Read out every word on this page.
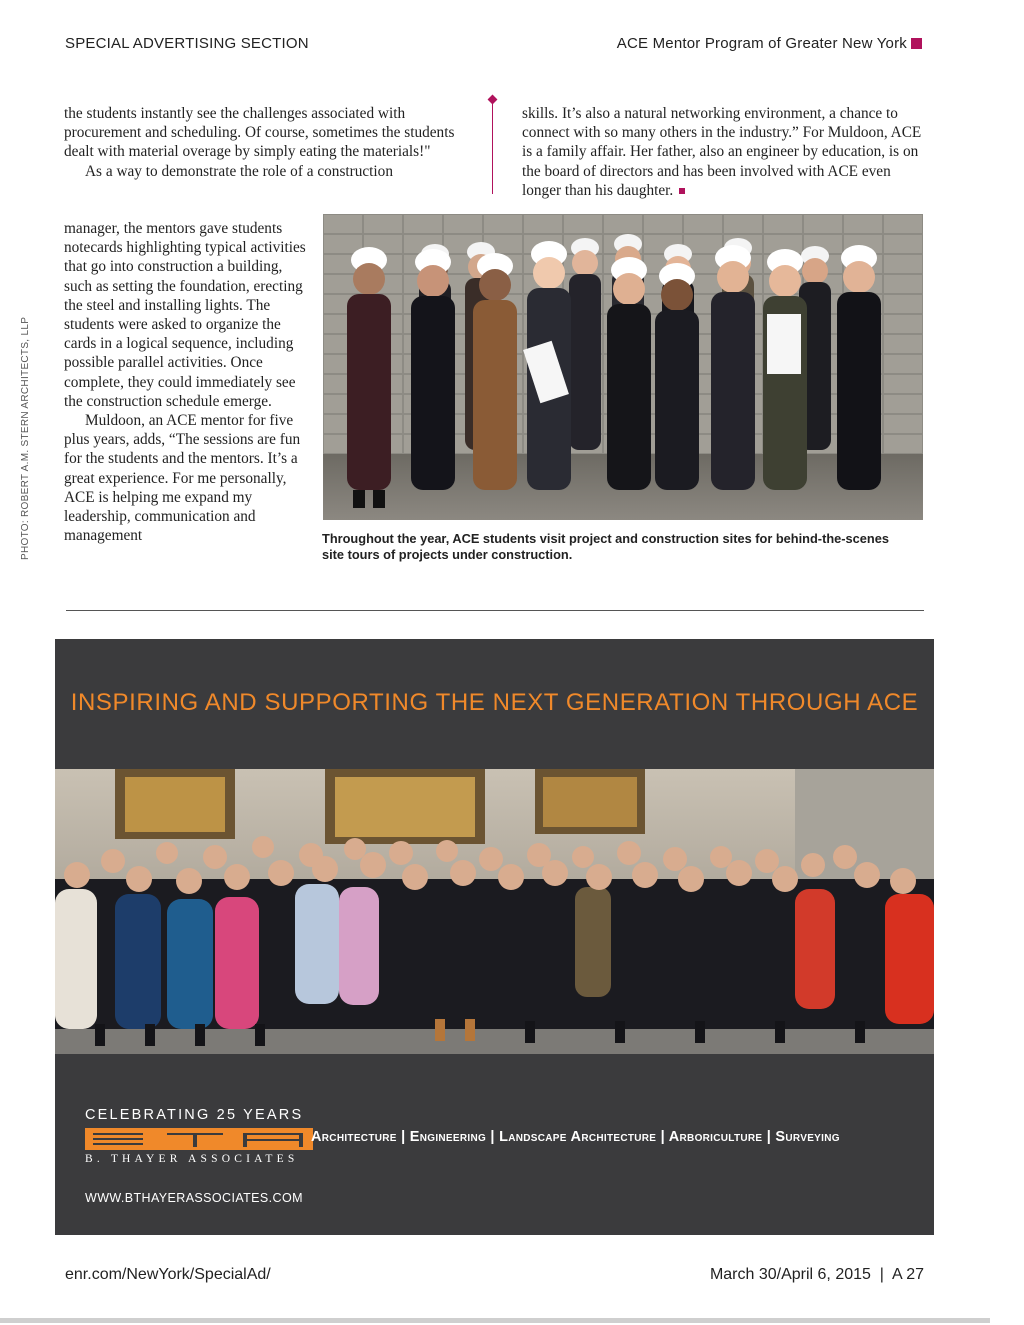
SPECIAL ADVERTISING SECTION	ACE Mentor Program of Greater New York

the students instantly see the challenges associated with procurement and scheduling. Of course, sometimes the students dealt with material overage by simply eating the materials!"

As a way to demonstrate the role of a construction

manager, the mentors gave students notecards highlighting typical activities that go into construction a building, such as setting the foundation, erecting the steel and installing lights. The students were asked to organize the cards in a logical sequence, including possible parallel activities. Once complete, they could immediately see the construction schedule emerge.

Muldoon, an ACE mentor for five plus years, adds, “The sessions are fun for the students and the mentors. It’s a great experience. For me personally, ACE is helping me expand my leadership, communication and management

skills. It’s also a natural networking environment, a chance to connect with so many others in the industry.” For Muldoon, ACE is a family affair. Her father, also an engineer by education, is on the board of directors and has been involved with ACE even longer than his daughter.

Throughout the year, ACE students visit project and construction sites for behind-the-scenes site tours of projects under construction.
PHOTO: ROBERT A.M. STERN ARCHITECTS, LLP
INSPIRING AND SUPPORTING THE NEXT GENERATION THROUGH ACE
CELEBRATING 25 YEARS
B. THAYER ASSOCIATES
WWW.BTHAYERASSOCIATES.COM
Architecture | Engineering | Landscape Architecture | Arboriculture | Surveying
enr.com/NewYork/SpecialAd/	March 30/April 6, 2015  |  A 27
